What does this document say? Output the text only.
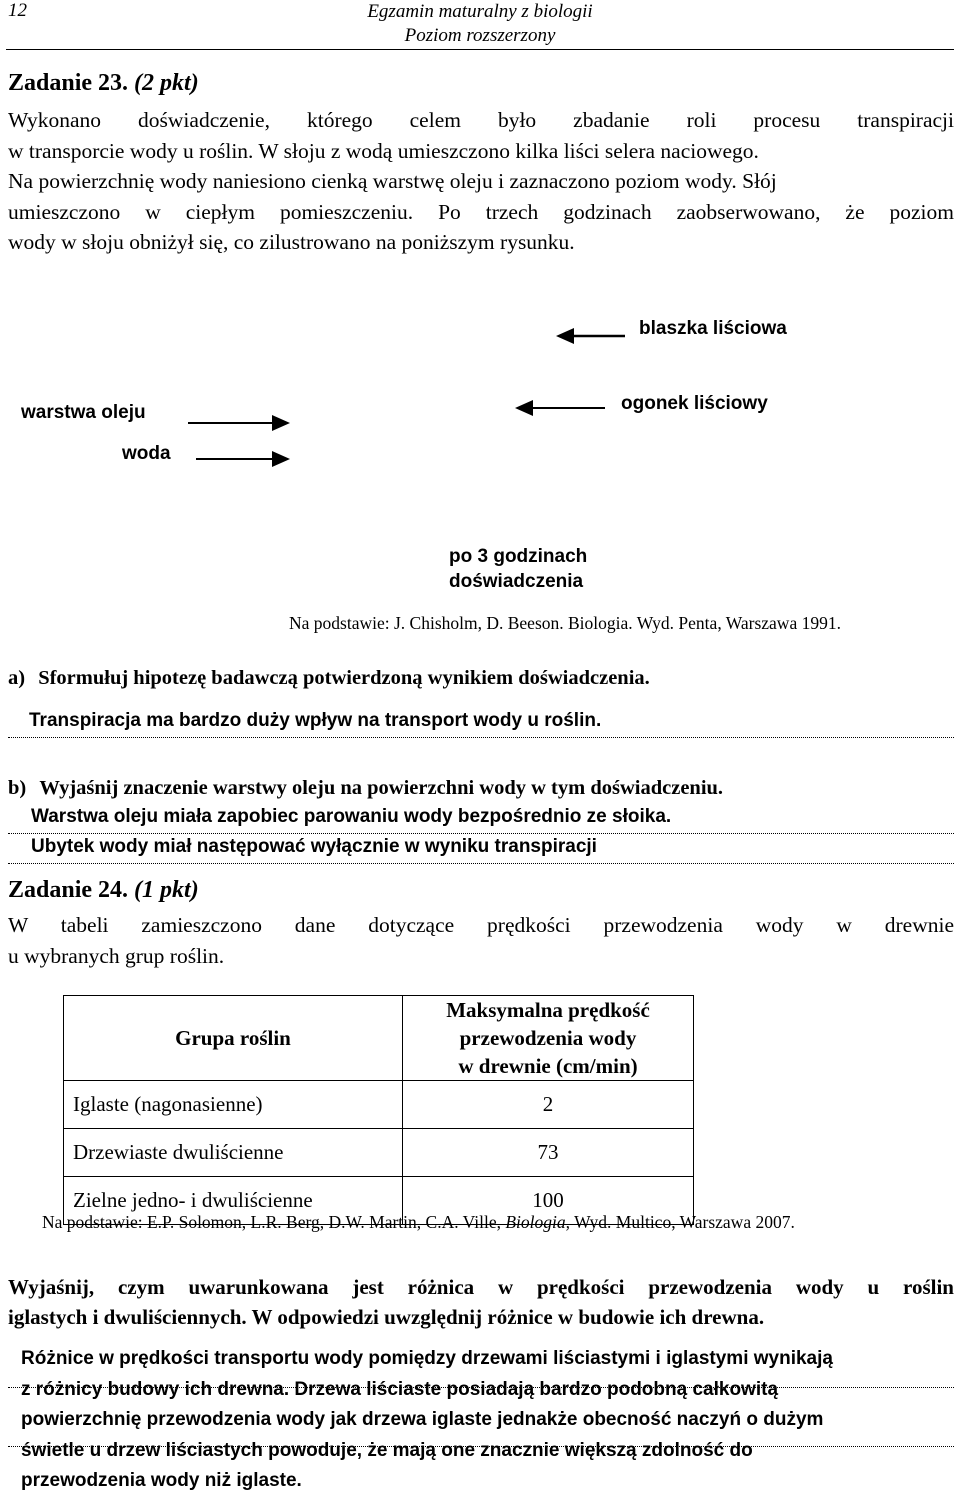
12	Egzamin maturalny z biologii
Poziom rozszerzony
Zadanie 23. (2 pkt)
Wykonano doświadczenie, którego celem było zbadanie roli procesu transpiracji
w transporcie wody u roślin. W słoju z wodą umieszczono kilka liści selera naciowego.
Na powierzchnię wody naniesiono cienką warstwę oleju i zaznaczono poziom wody. Słój
umieszczono w ciepłym pomieszczeniu. Po trzech godzinach zaobserwowano, że poziom
wody w słoju obniżył się, co zilustrowano na poniższym rysunku.
blaszka liściowa
ogonek liściowy
warstwa oleju
woda
po 3 godzinach
doświadczenia
Na podstawie: J. Chisholm, D. Beeson. Biologia. Wyd. Penta, Warszawa 1991.
a) Sformułuj hipotezę badawczą potwierdzoną wynikiem doświadczenia.
Transpiracja ma bardzo duży wpływ na transport wody u roślin.
b) Wyjaśnij znaczenie warstwy oleju na powierzchni wody w tym doświadczeniu.
Warstwa oleju miała zapobiec parowaniu wody bezpośrednio ze słoika.
Ubytek wody miał następować wyłącznie w wyniku transpiracji
Zadanie 24. (1 pkt)
W tabeli zamieszczono dane dotyczące prędkości przewodzenia wody w drewnie
u wybranych grup roślin.
Grupa roślin	Maksymalna prędkość przewodzenia wody
w drewnie (cm/min)

Iglaste (nagonasienne)	2
Drzewiaste dwuliścienne	73
Zielne jedno- i dwuliścienne	100
Na podstawie: E.P. Solomon, L.R. Berg, D.W. Martin, C.A. Ville, Biologia, Wyd. Multico, Warszawa 2007.
Wyjaśnij, czym uwarunkowana jest różnica w prędkości przewodzenia wody u roślin
iglastych i dwuliściennych. W odpowiedzi uwzględnij różnice w budowie ich drewna.
Różnice w prędkości transportu wody pomiędzy drzewami liściastymi i iglastymi wynikają
z różnicy budowy ich drewna. Drzewa liściaste posiadają bardzo podobną całkowitą
powierzchnię przewodzenia wody jak drzewa iglaste jednakże obecność naczyń o dużym
świetle u drzew liściastych powoduje, że mają one znacznie większą zdolność do
przewodzenia wody niż iglaste.
